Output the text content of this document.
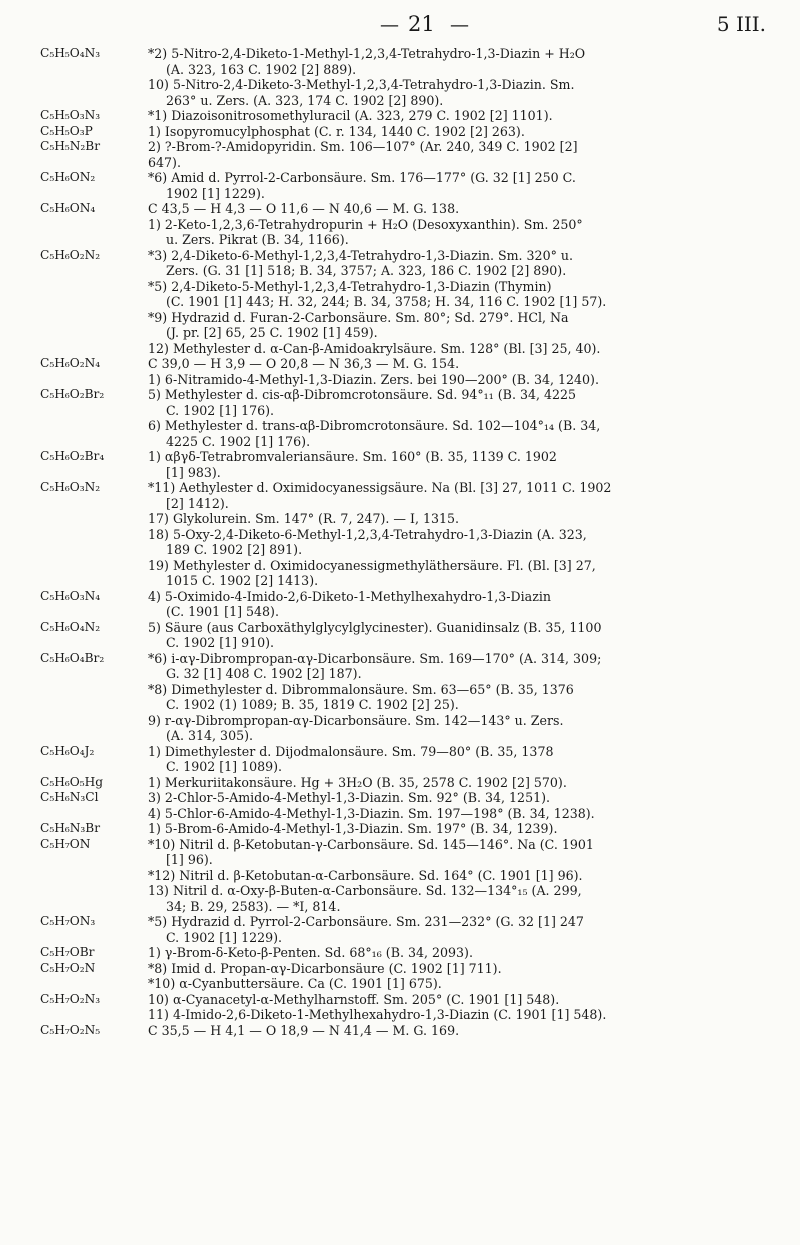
— 21 —	5 III.
C₅H₅O₄N₃	*2) 5-Nitro-2,4-Diketo-1-Methyl-1,2,3,4-Tetrahydro-1,3-Diazin + H₂O
(A. 323, 163 C. 1902 [2] 889).
10) 5-Nitro-2,4-Diketo-3-Methyl-1,2,3,4-Tetrahydro-1,3-Diazin. Sm.
263° u. Zers. (A. 323, 174 C. 1902 [2] 890).
C₅H₅O₃N₃	*1) Diazoisonitrosomethyluracil (A. 323, 279 C. 1902 [2] 1101).
C₅H₅O₃P	1) Isopyromucylphosphat (C. r. 134, 1440 C. 1902 [2] 263).
C₅H₅N₂Br	2) ?-Brom-?-Amidopyridin. Sm. 106—107° (Ar. 240, 349 C. 1902 [2]
647).
C₅H₆ON₂	*6) Amid d. Pyrrol-2-Carbonsäure. Sm. 176—177° (G. 32 [1] 250 C.
1902 [1] 1229).
C₅H₆ON₄	C 43,5 — H 4,3 — O 11,6 — N 40,6 — M. G. 138.
1) 2-Keto-1,2,3,6-Tetrahydropurin + H₂O (Desoxyxanthin). Sm. 250°
u. Zers. Pikrat (B. 34, 1166).
C₅H₆O₂N₂	*3) 2,4-Diketo-6-Methyl-1,2,3,4-Tetrahydro-1,3-Diazin. Sm. 320° u.
Zers. (G. 31 [1] 518; B. 34, 3757; A. 323, 186 C. 1902 [2] 890).
*5) 2,4-Diketo-5-Methyl-1,2,3,4-Tetrahydro-1,3-Diazin (Thymin)
(C. 1901 [1] 443; H. 32, 244; B. 34, 3758; H. 34, 116 C. 1902 [1] 57).
*9) Hydrazid d. Furan-2-Carbonsäure. Sm. 80°; Sd. 279°. HCl, Na
(J. pr. [2] 65, 25 C. 1902 [1] 459).
12) Methylester d. α-Can-β-Amidoakrylsäure. Sm. 128° (Bl. [3] 25, 40).
C₅H₆O₂N₄	C 39,0 — H 3,9 — O 20,8 — N 36,3 — M. G. 154.
1) 6-Nitramido-4-Methyl-1,3-Diazin. Zers. bei 190—200° (B. 34, 1240).
C₅H₆O₂Br₂	5) Methylester d. cis-αβ-Dibromcrotonsäure. Sd. 94°₁₁ (B. 34, 4225
C. 1902 [1] 176).
6) Methylester d. trans-αβ-Dibromcrotonsäure. Sd. 102—104°₁₄ (B. 34,
4225 C. 1902 [1] 176).
C₅H₆O₂Br₄	1) αβγδ-Tetrabromvaleriansäure. Sm. 160° (B. 35, 1139 C. 1902
[1] 983).
C₅H₆O₃N₂	*11) Aethylester d. Oximidocyanessigsäure. Na (Bl. [3] 27, 1011 C. 1902
[2] 1412).
17) Glykolurein. Sm. 147° (R. 7, 247). — I, 1315.
18) 5-Oxy-2,4-Diketo-6-Methyl-1,2,3,4-Tetrahydro-1,3-Diazin (A. 323,
189 C. 1902 [2] 891).
19) Methylester d. Oximidocyanessigmethyläthersäure. Fl. (Bl. [3] 27,
1015 C. 1902 [2] 1413).
C₅H₆O₃N₄	4) 5-Oximido-4-Imido-2,6-Diketo-1-Methylhexahydro-1,3-Diazin
(C. 1901 [1] 548).
C₅H₆O₄N₂	5) Säure (aus Carboxäthylglycylglycinester). Guanidinsalz (B. 35, 1100
C. 1902 [1] 910).
C₅H₆O₄Br₂	*6) i-αγ-Dibrompropan-αγ-Dicarbonsäure. Sm. 169—170° (A. 314, 309;
G. 32 [1] 408 C. 1902 [2] 187).
*8) Dimethylester d. Dibrommalonsäure. Sm. 63—65° (B. 35, 1376
C. 1902 (1) 1089; B. 35, 1819 C. 1902 [2] 25).
9) r-αγ-Dibrompropan-αγ-Dicarbonsäure. Sm. 142—143° u. Zers.
(A. 314, 305).
C₅H₆O₄J₂	1) Dimethylester d. Dijodmalonsäure. Sm. 79—80° (B. 35, 1378
C. 1902 [1] 1089).
C₅H₆O₅Hg	1) Merkuriitakonsäure. Hg + 3H₂O (B. 35, 2578 C. 1902 [2] 570).
C₅H₆N₃Cl	3) 2-Chlor-5-Amido-4-Methyl-1,3-Diazin. Sm. 92° (B. 34, 1251).
4) 5-Chlor-6-Amido-4-Methyl-1,3-Diazin. Sm. 197—198° (B. 34, 1238).
C₅H₆N₃Br	1) 5-Brom-6-Amido-4-Methyl-1,3-Diazin. Sm. 197° (B. 34, 1239).
C₅H₇ON	*10) Nitril d. β-Ketobutan-γ-Carbonsäure. Sd. 145—146°. Na (C. 1901
[1] 96).
*12) Nitril d. β-Ketobutan-α-Carbonsäure. Sd. 164° (C. 1901 [1] 96).
13) Nitril d. α-Oxy-β-Buten-α-Carbonsäure. Sd. 132—134°₁₅ (A. 299,
34; B. 29, 2583). — *I, 814.
C₅H₇ON₃	*5) Hydrazid d. Pyrrol-2-Carbonsäure. Sm. 231—232° (G. 32 [1] 247
C. 1902 [1] 1229).
C₅H₇OBr	1) γ-Brom-δ-Keto-β-Penten. Sd. 68°₁₆ (B. 34, 2093).
C₅H₇O₂N	*8) Imid d. Propan-αγ-Dicarbonsäure (C. 1902 [1] 711).
*10) α-Cyanbuttersäure. Ca (C. 1901 [1] 675).
C₅H₇O₂N₃	10) α-Cyanacetyl-α-Methylharnstoff. Sm. 205° (C. 1901 [1] 548).
11) 4-Imido-2,6-Diketo-1-Methylhexahydro-1,3-Diazin (C. 1901 [1] 548).
C₅H₇O₂N₅	C 35,5 — H 4,1 — O 18,9 — N 41,4 — M. G. 169.
